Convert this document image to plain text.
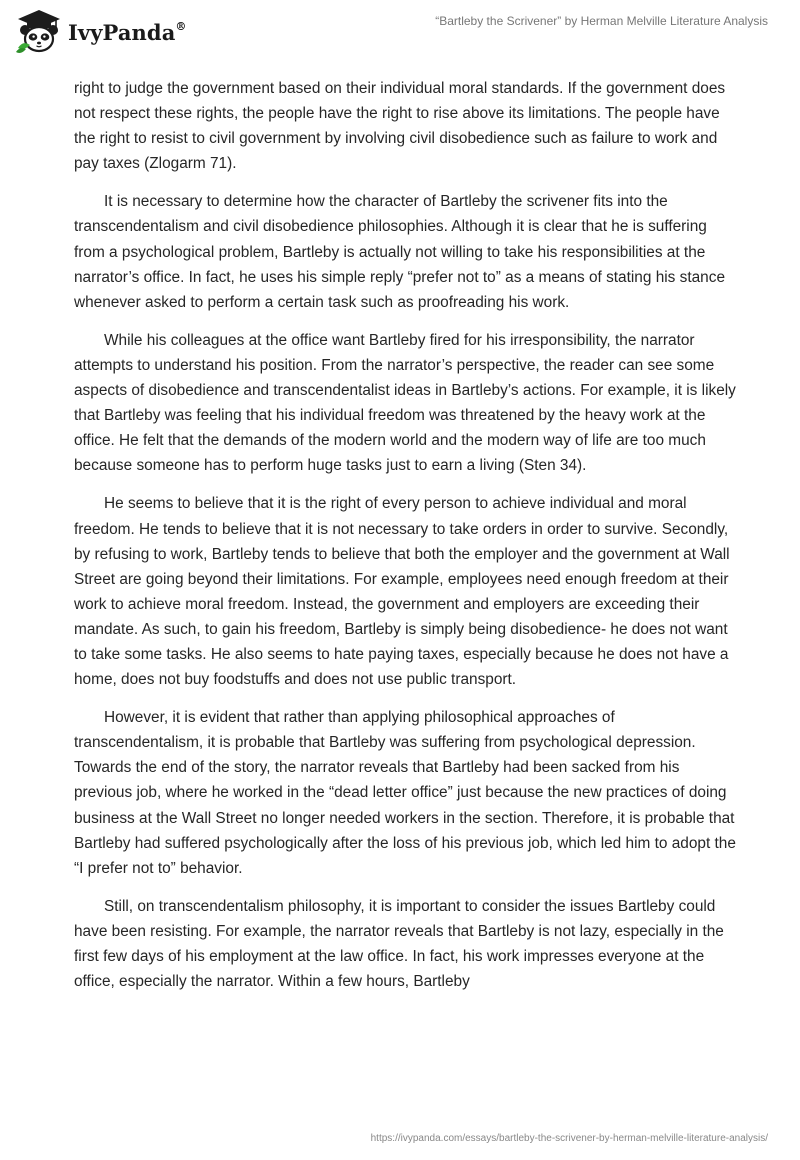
IvyPanda®	“Bartleby the Scrivener” by Herman Melville Literature Analysis

right to judge the government based on their individual moral standards. If the government does not respect these rights, the people have the right to rise above its limitations. The people have the right to resist to civil government by involving civil disobedience such as failure to work and pay taxes (Zlogarm 71).

It is necessary to determine how the character of Bartleby the scrivener fits into the transcendentalism and civil disobedience philosophies. Although it is clear that he is suffering from a psychological problem, Bartleby is actually not willing to take his responsibilities at the narrator’s office. In fact, he uses his simple reply “prefer not to” as a means of stating his stance whenever asked to perform a certain task such as proofreading his work.

While his colleagues at the office want Bartleby fired for his irresponsibility, the narrator attempts to understand his position. From the narrator’s perspective, the reader can see some aspects of disobedience and transcendentalist ideas in Bartleby’s actions. For example, it is likely that Bartleby was feeling that his individual freedom was threatened by the heavy work at the office. He felt that the demands of the modern world and the modern way of life are too much because someone has to perform huge tasks just to earn a living (Sten 34).

He seems to believe that it is the right of every person to achieve individual and moral freedom. He tends to believe that it is not necessary to take orders in order to survive. Secondly, by refusing to work, Bartleby tends to believe that both the employer and the government at Wall Street are going beyond their limitations. For example, employees need enough freedom at their work to achieve moral freedom. Instead, the government and employers are exceeding their mandate. As such, to gain his freedom, Bartleby is simply being disobedience- he does not want to take some tasks. He also seems to hate paying taxes, especially because he does not have a home, does not buy foodstuffs and does not use public transport.

However, it is evident that rather than applying philosophical approaches of transcendentalism, it is probable that Bartleby was suffering from psychological depression. Towards the end of the story, the narrator reveals that Bartleby had been sacked from his previous job, where he worked in the “dead letter office” just because the new practices of doing business at the Wall Street no longer needed workers in the section. Therefore, it is probable that Bartleby had suffered psychologically after the loss of his previous job, which led him to adopt the “I prefer not to” behavior.

Still, on transcendentalism philosophy, it is important to consider the issues Bartleby could have been resisting. For example, the narrator reveals that Bartleby is not lazy, especially in the first few days of his employment at the law office. In fact, his work impresses everyone at the office, especially the narrator. Within a few hours, Bartleby

https://ivypanda.com/essays/bartleby-the-scrivener-by-herman-melville-literature-analysis/
